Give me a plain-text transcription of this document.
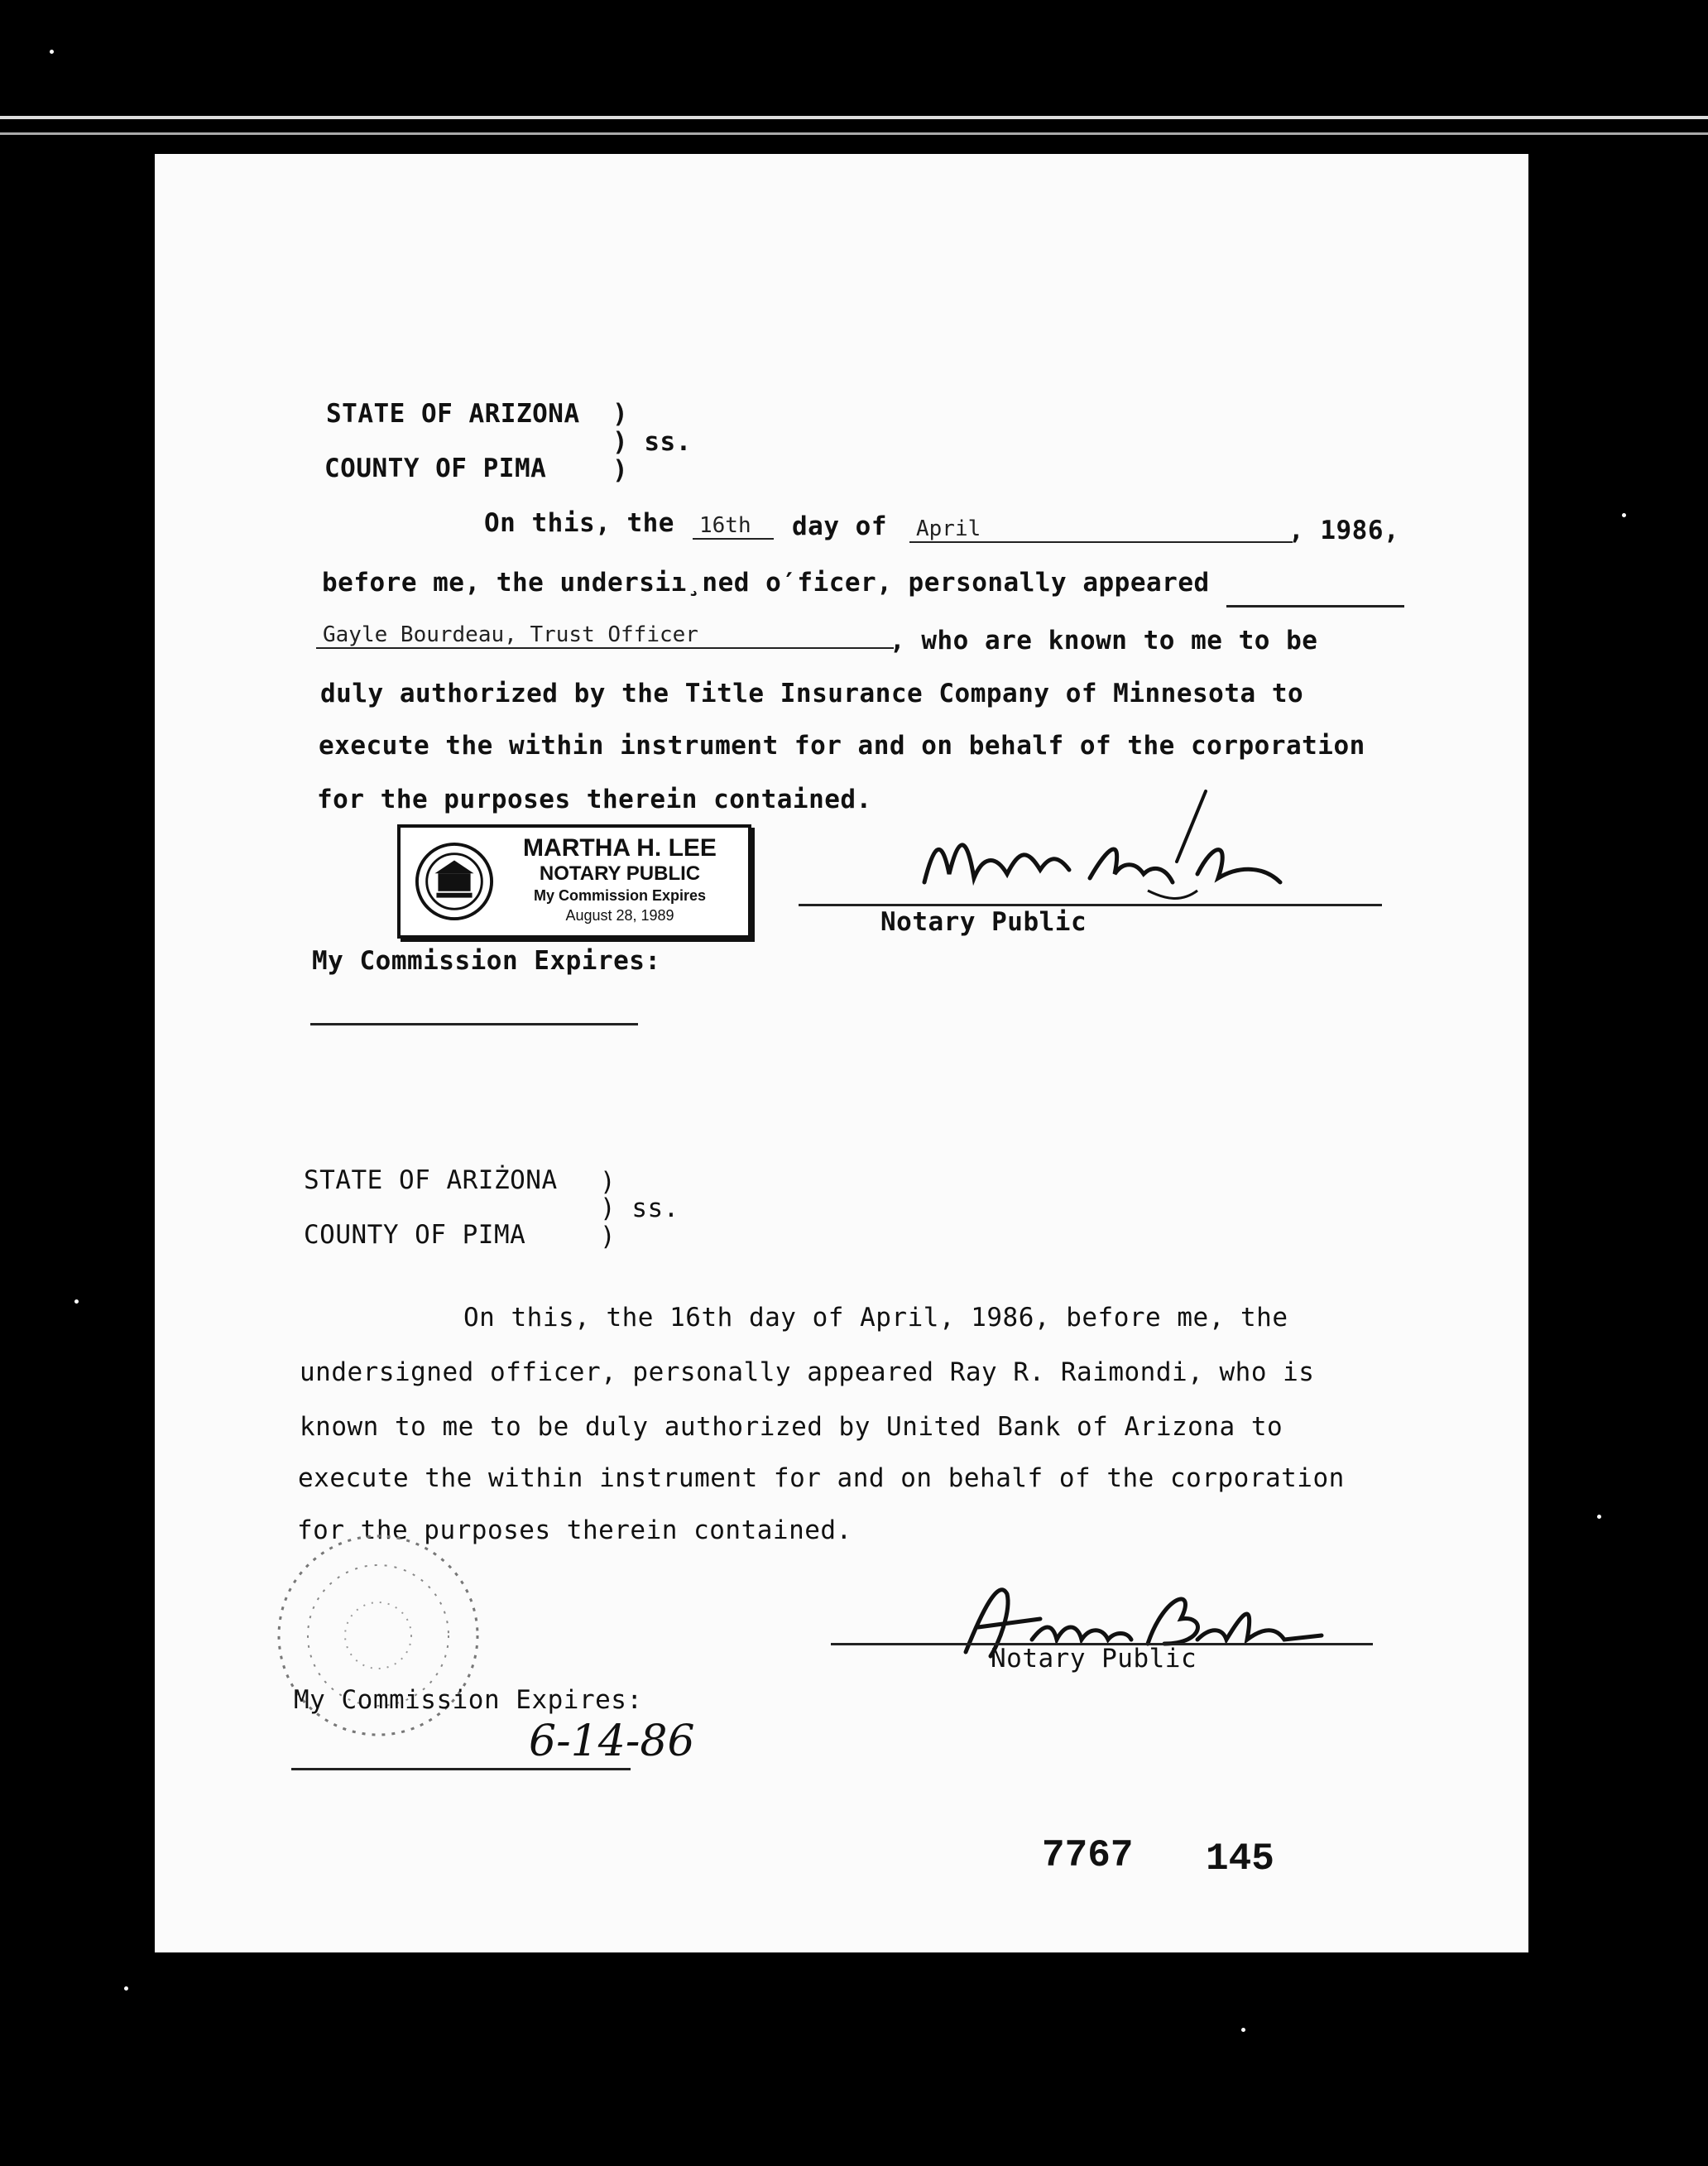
STATE OF ARIZONA )
) ss.
COUNTY OF PIMA	)
On this, the	16th	day of	April	, 1986,
before me, the undersiı̧ned o′ficer, personally appeared
Gayle Bourdeau, Trust Officer	, who are known to me to be
duly authorized by the Title Insurance Company of Minnesota to
execute the within instrument for and on behalf of the corporation
for the purposes therein contained.
MARTHA H. LEE
NOTARY PUBLIC
My Commission Expires
August 28, 1989	Notary Public
My Commission Expires:
STATE OF ARIŻONA )
) ss.
COUNTY OF PIMA	)
On this, the 16th day of April, 1986, before me, the
undersigned officer, personally appeared Ray R. Raimondi, who is
known to me to be duly authorized by United Bank of Arizona to
execute the within instrument for and on behalf of the corporation
for the purposes therein contained.
Notary Public
My Commission Expires:
6-14-86
7767 145
